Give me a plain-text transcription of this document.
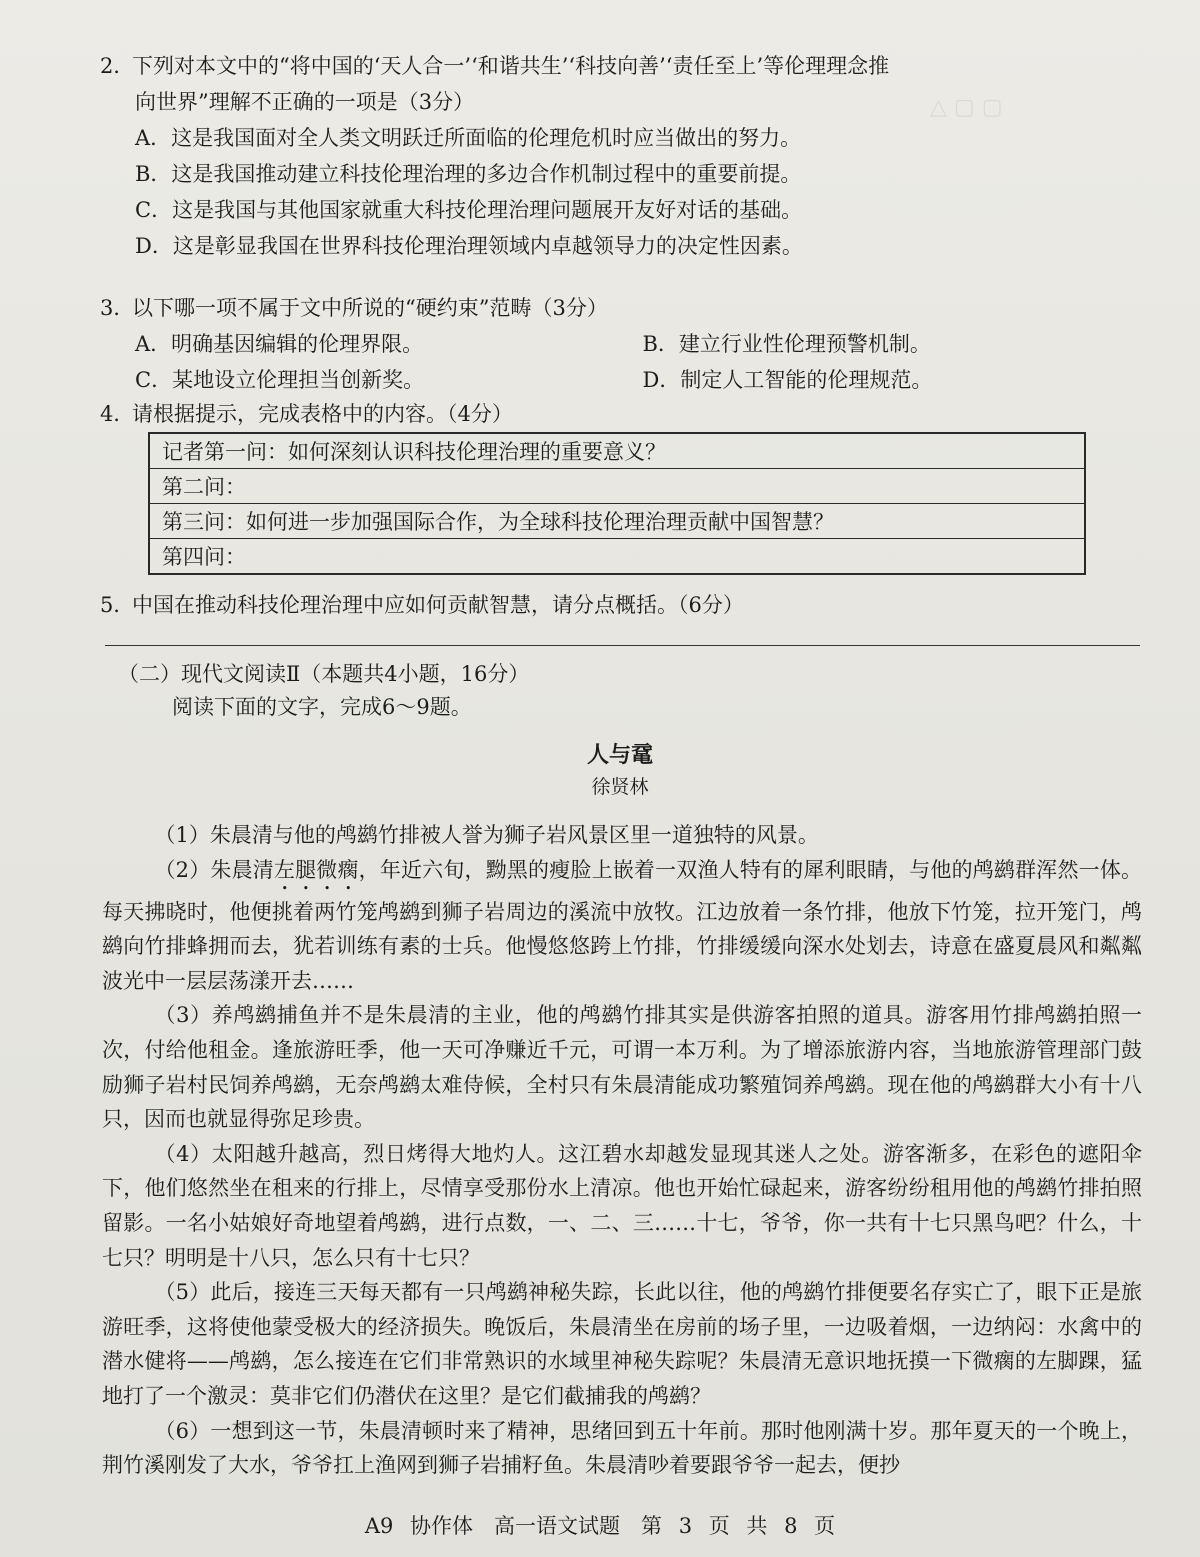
△ ▢ ▢
2．下列对本文中的“将中国的‘天人合一’‘和谐共生’‘科技向善’‘责任至上’等伦理理念推
向世界”理解不正确的一项是（3分）
A．这是我国面对全人类文明跃迁所面临的伦理危机时应当做出的努力。
B．这是我国推动建立科技伦理治理的多边合作机制过程中的重要前提。
C．这是我国与其他国家就重大科技伦理治理问题展开友好对话的基础。
D．这是彰显我国在世界科技伦理治理领域内卓越领导力的决定性因素。
3．以下哪一项不属于文中所说的“硬约束”范畴（3分）
A．明确基因编辑的伦理界限。	B．建立行业性伦理预警机制。
C．某地设立伦理担当创新奖。	D．制定人工智能的伦理规范。
4．请根据提示，完成表格中的内容。（4分）
记者第一问：如何深刻认识科技伦理治理的重要意义？
第二问：
第三问：如何进一步加强国际合作，为全球科技伦理治理贡献中国智慧？
第四问：
5．中国在推动科技伦理治理中应如何贡献智慧，请分点概括。（6分）
（二）现代文阅读Ⅱ（本题共4小题，16分）
阅读下面的文字，完成6～9题。
人与鼋
徐贤林

（1）朱晨清与他的鸬鹚竹排被人誉为狮子岩风景区里一道独特的风景。

（2）朱晨清左腿微瘸，年近六旬，黝黑的瘦脸上嵌着一双渔人特有的犀利眼睛，与他的鸬鹚群浑然一体。每天拂晓时，他便挑着两竹笼鸬鹚到狮子岩周边的溪流中放牧。江边放着一条竹排，他放下竹笼，拉开笼门，鸬鹚向竹排蜂拥而去，犹若训练有素的士兵。他慢悠悠跨上竹排，竹排缓缓向深水处划去，诗意在盛夏晨风和粼粼波光中一层层荡漾开去……

（3）养鸬鹚捕鱼并不是朱晨清的主业，他的鸬鹚竹排其实是供游客拍照的道具。游客用竹排鸬鹚拍照一次，付给他租金。逢旅游旺季，他一天可净赚近千元，可谓一本万利。为了增添旅游内容，当地旅游管理部门鼓励狮子岩村民饲养鸬鹚，无奈鸬鹚太难侍候，全村只有朱晨清能成功繁殖饲养鸬鹚。现在他的鸬鹚群大小有十八只，因而也就显得弥足珍贵。

（4）太阳越升越高，烈日烤得大地灼人。这江碧水却越发显现其迷人之处。游客渐多，在彩色的遮阳伞下，他们悠然坐在租来的行排上，尽情享受那份水上清凉。他也开始忙碌起来，游客纷纷租用他的鸬鹚竹排拍照留影。一名小姑娘好奇地望着鸬鹚，进行点数，一、二、三……十七，爷爷，你一共有十七只黑鸟吧？什么，十七只？明明是十八只，怎么只有十七只？

（5）此后，接连三天每天都有一只鸬鹚神秘失踪，长此以往，他的鸬鹚竹排便要名存实亡了，眼下正是旅游旺季，这将使他蒙受极大的经济损失。晚饭后，朱晨清坐在房前的场子里，一边吸着烟，一边纳闷：水禽中的潜水健将——鸬鹚，怎么接连在它们非常熟识的水域里神秘失踪呢？朱晨清无意识地抚摸一下微瘸的左脚踝，猛地打了一个激灵：莫非它们仍潜伏在这里？是它们截捕我的鸬鹚？

（6）一想到这一节，朱晨清顿时来了精神，思绪回到五十年前。那时他刚满十岁。那年夏天的一个晚上，荆竹溪刚发了大水，爷爷扛上渔网到狮子岩捕籽鱼。朱晨清吵着要跟爷爷一起去，便抄

A9 协作体　高一语文试题　第 3 页 共 8 页
